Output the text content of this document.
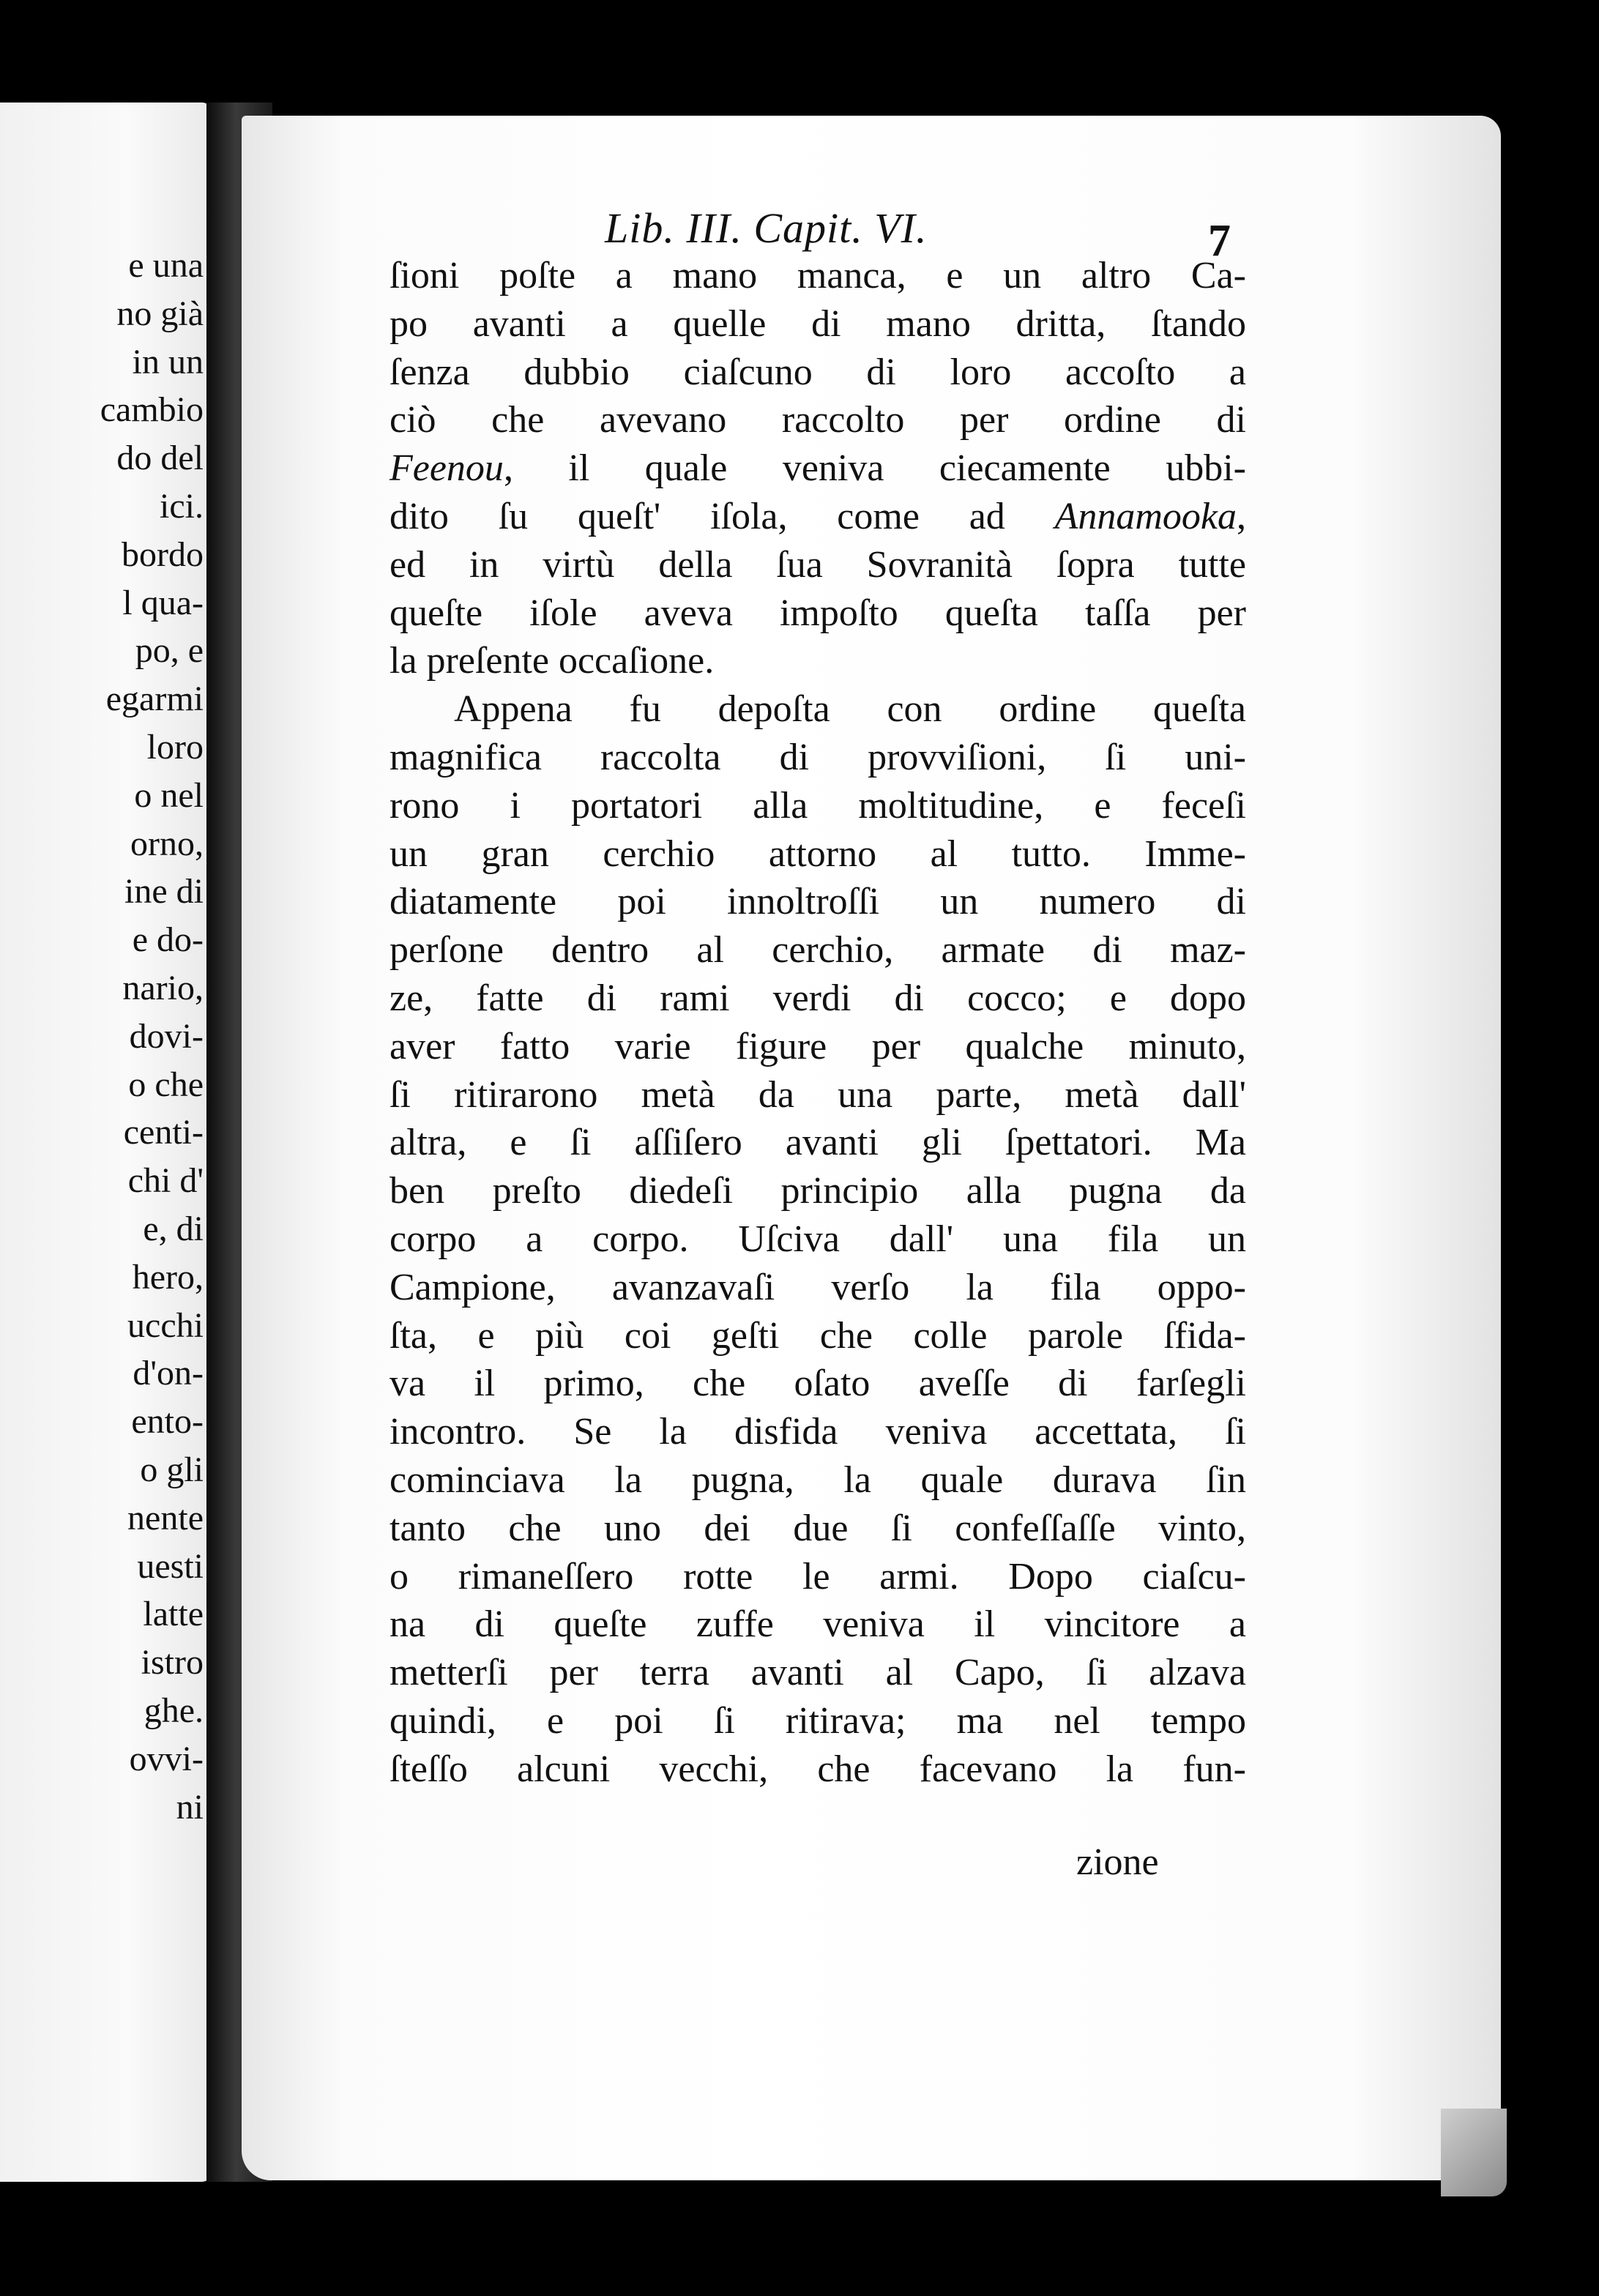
e una
no già
in un
cambio
do del
ici.
bordo
l qua-
po, e
egarmi
loro
o nel
orno,
ine di
e do-
nario,
dovi-
o che
centi-
chi d'
e, di
hero,
ucchi
d'on-
ento-
o gli
nente
uesti
latte
istro
ghe.
ovvi-
ni
Lib. III. Capit. VI.	7
ſioni poſte a mano manca, e un altro Ca-
po avanti a quelle di mano dritta, ſtando
ſenza dubbio ciaſcuno di loro accoſto a
ciò che avevano raccolto per ordine di
Feenou, il quale veniva ciecamente ubbi-
dito ſu queſt' iſola, come ad Annamooka,
ed in virtù della ſua Sovranità ſopra tutte
queſte iſole aveva impoſto queſta taſſa per
la preſente occaſione.
Appena fu depoſta con ordine queſta
magnifica raccolta di provviſioni, ſi uni-
rono i portatori alla moltitudine, e feceſi
un gran cerchio attorno al tutto. Imme-
diatamente poi innoltroſſi un numero di
perſone dentro al cerchio, armate di maz-
ze, fatte di rami verdi di cocco; e dopo
aver fatto varie figure per qualche minuto,
ſi ritirarono metà da una parte, metà dall'
altra, e ſi aſſiſero avanti gli ſpettatori. Ma
ben preſto diedeſi principio alla pugna da
corpo a corpo. Uſciva dall' una fila un
Campione, avanzavaſi verſo la fila oppo-
ſta, e più coi geſti che colle parole ſfida-
va il primo, che oſato aveſſe di farſegli
incontro. Se la disfida veniva accettata, ſi
cominciava la pugna, la quale durava ſin
tanto che uno dei due ſi confeſſaſſe vinto,
o rimaneſſero rotte le armi. Dopo ciaſcu-
na di queſte zuffe veniva il vincitore a
metterſi per terra avanti al Capo, ſi alzava
quindi, e poi ſi ritirava; ma nel tempo
ſteſſo alcuni vecchi, che facevano la fun-
zione
